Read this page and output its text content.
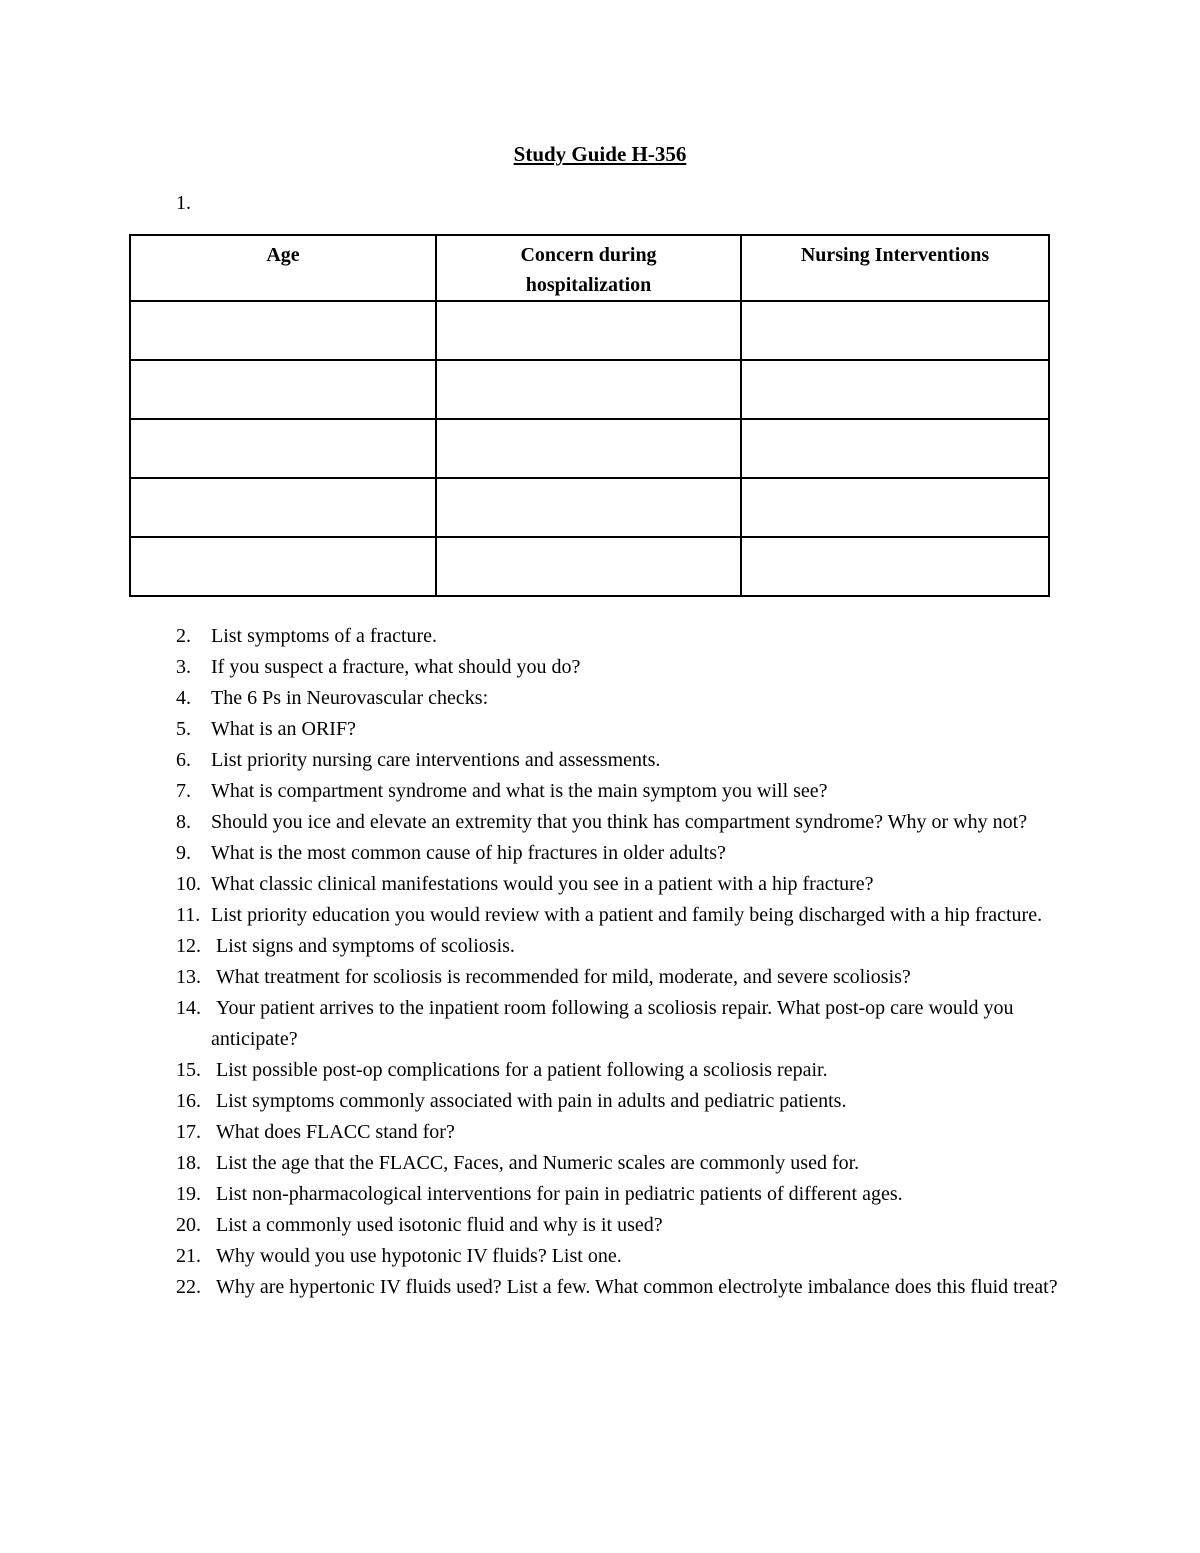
Study Guide H-356
1.
Age	Concern during hospitalization	Nursing Interventions

2. List symptoms of a fracture.
3. If you suspect a fracture, what should you do?
4. The 6 Ps in Neurovascular checks:
5. What is an ORIF?
6. List priority nursing care interventions and assessments.
7. What is compartment syndrome and what is the main symptom you will see?
8. Should you ice and elevate an extremity that you think has compartment syndrome? Why or why not?
9. What is the most common cause of hip fractures in older adults?
10. What classic clinical manifestations would you see in a patient with a hip fracture?
11. List priority education you would review with a patient and family being discharged with a hip fracture.
12. List signs and symptoms of scoliosis.
13. What treatment for scoliosis is recommended for mild, moderate, and severe scoliosis?
14. Your patient arrives to the inpatient room following a scoliosis repair. What post-op care would you anticipate?
15. List possible post-op complications for a patient following a scoliosis repair.
16. List symptoms commonly associated with pain in adults and pediatric patients.
17. What does FLACC stand for?
18. List the age that the FLACC, Faces, and Numeric scales are commonly used for.
19. List non-pharmacological interventions for pain in pediatric patients of different ages.
20. List a commonly used isotonic fluid and why is it used?
21. Why would you use hypotonic IV fluids? List one.
22. Why are hypertonic IV fluids used? List a few. What common electrolyte imbalance does this fluid treat?
